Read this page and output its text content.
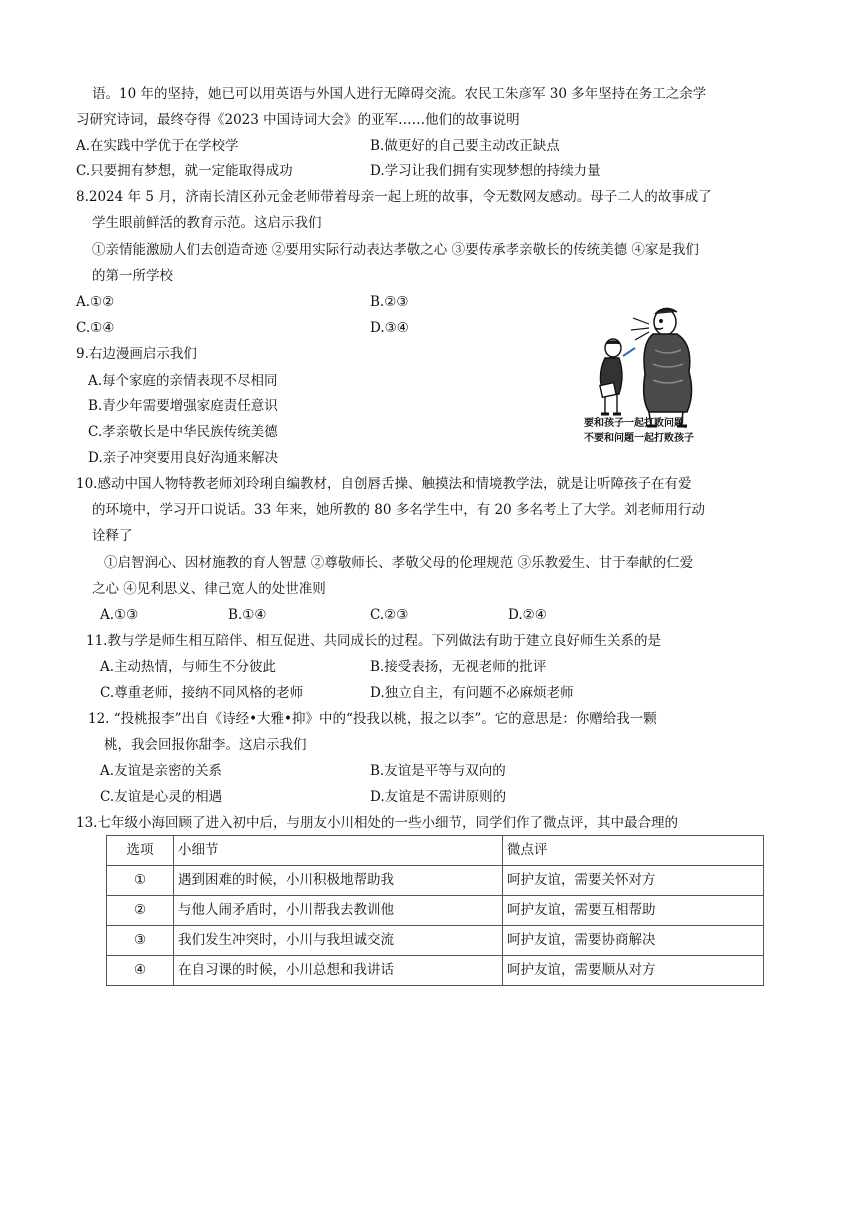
语。10 年的坚持，她已可以用英语与外国人进行无障碍交流。农民工朱彦军 30 多年坚持在务工之余学
习研究诗词，最终夺得《2023 中国诗词大会》的亚军……他们的故事说明
A.在实践中学优于在学校学	B.做更好的自己要主动改正缺点
C.只要拥有梦想，就一定能取得成功	D.学习让我们拥有实现梦想的持续力量
8.2024 年 5 月，济南长清区孙元金老师带着母亲一起上班的故事，令无数网友感动。母子二人的故事成了
学生眼前鲜活的教育示范。这启示我们
①亲情能激励人们去创造奇迹 ②要用实际行动表达孝敬之心 ③要传承孝亲敬长的传统美德 ④家是我们
的第一所学校
A.①②	B.②③
C.①④	D.③④
9.右边漫画启示我们
A.每个家庭的亲情表现不尽相同
B.青少年需要增强家庭责任意识
C.孝亲敬长是中华民族传统美德
D.亲子冲突要用良好沟通来解决
要和孩子一起打败问题，
不要和问题一起打败孩子
10.感动中国人物特教老师刘玲琍自编教材，自创唇舌操、触摸法和情境教学法，就是让听障孩子在有爱
的环境中，学习开口说话。33 年来，她所教的 80 多名学生中，有 20 多名考上了大学。刘老师用行动
诠释了
①启智润心、因材施教的育人智慧 ②尊敬师长、孝敬父母的伦理规范 ③乐教爱生、甘于奉献的仁爱
之心 ④见利思义、律己宽人的处世准则
A.①③	B.①④	C.②③	D.②④
11.教与学是师生相互陪伴、相互促进、共同成长的过程。下列做法有助于建立良好师生关系的是
A.主动热情，与师生不分彼此	B.接受表扬，无视老师的批评
C.尊重老师，接纳不同风格的老师	D.独立自主，有问题不必麻烦老师
12. “投桃报李”出自《诗经•大雅•抑》中的“投我以桃，报之以李”。它的意思是：你赠给我一颗
桃，我会回报你甜李。这启示我们
A.友谊是亲密的关系	B.友谊是平等与双向的
C.友谊是心灵的相遇	D.友谊是不需讲原则的
13.七年级小海回顾了进入初中后，与朋友小川相处的一些小细节，同学们作了微点评，其中最合理的
选项	小细节	微点评
①	遇到困难的时候，小川积极地帮助我	呵护友谊，需要关怀对方
②	与他人闹矛盾时，小川帮我去教训他	呵护友谊，需要互相帮助
③	我们发生冲突时，小川与我坦诚交流	呵护友谊，需要协商解决
④	在自习课的时候，小川总想和我讲话	呵护友谊，需要顺从对方
